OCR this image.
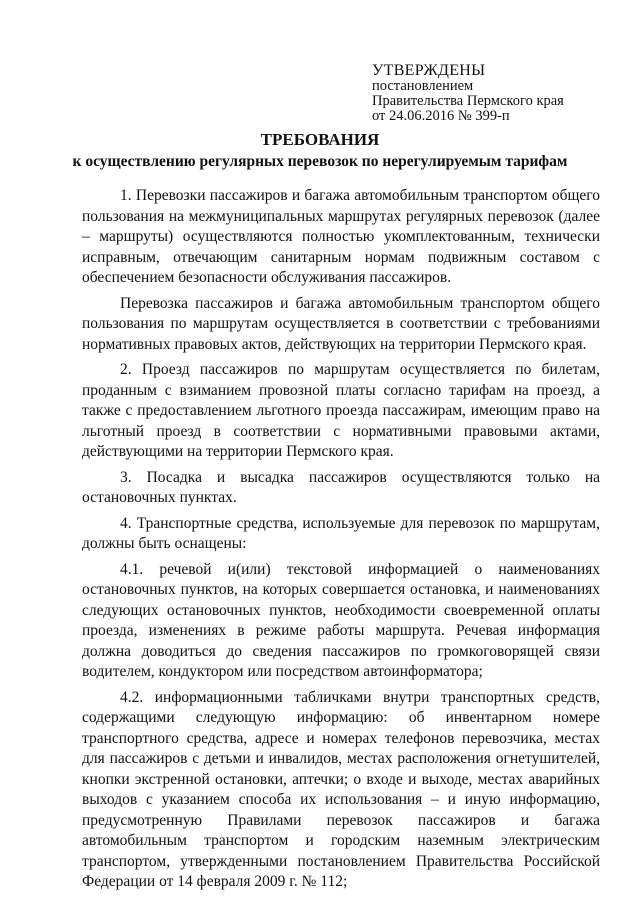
УТВЕРЖДЕНЫ
постановлением
Правительства Пермского края
от 24.06.2016 № 399-п
ТРЕБОВАНИЯ
к осуществлению регулярных перевозок по нерегулируемым тарифам

1. Перевозки пассажиров и багажа автомобильным транспортом общего пользования на межмуниципальных маршрутах регулярных перевозок (далее – маршруты) осуществляются полностью укомплектованным, технически исправным, отвечающим санитарным нормам подвижным составом с обеспечением безопасности обслуживания пассажиров.

Перевозка пассажиров и багажа автомобильным транспортом общего пользования по маршрутам осуществляется в соответствии с требованиями нормативных правовых актов, действующих на территории Пермского края.

2. Проезд пассажиров по маршрутам осуществляется по билетам, проданным с взиманием провозной платы согласно тарифам на проезд, а также с предоставлением льготного проезда пассажирам, имеющим право на льготный проезд в соответствии с нормативными правовыми актами, действующими на территории Пермского края.

3. Посадка и высадка пассажиров осуществляются только на остановочных пунктах.

4. Транспортные средства, используемые для перевозок по маршрутам, должны быть оснащены:

4.1. речевой и(или) текстовой информацией о наименованиях остановочных пунктов, на которых совершается остановка, и наименованиях следующих остановочных пунктов, необходимости своевременной оплаты проезда, изменениях в режиме работы маршрута. Речевая информация должна доводиться до сведения пассажиров по громкоговорящей связи водителем, кондуктором или посредством автоинформатора;

4.2. информационными табличками внутри транспортных средств, содержащими следующую информацию: об инвентарном номере транспортного средства, адресе и номерах телефонов перевозчика, местах для пассажиров с детьми и инвалидов, местах расположения огнетушителей, кнопки экстренной остановки, аптечки; о входе и выходе, местах аварийных выходов с указанием способа их использования – и иную информацию, предусмотренную Правилами перевозок пассажиров и багажа автомобильным транспортом и городским наземным электрическим транспортом, утвержденными постановлением Правительства Российской Федерации от 14 февраля 2009 г. № 112;
